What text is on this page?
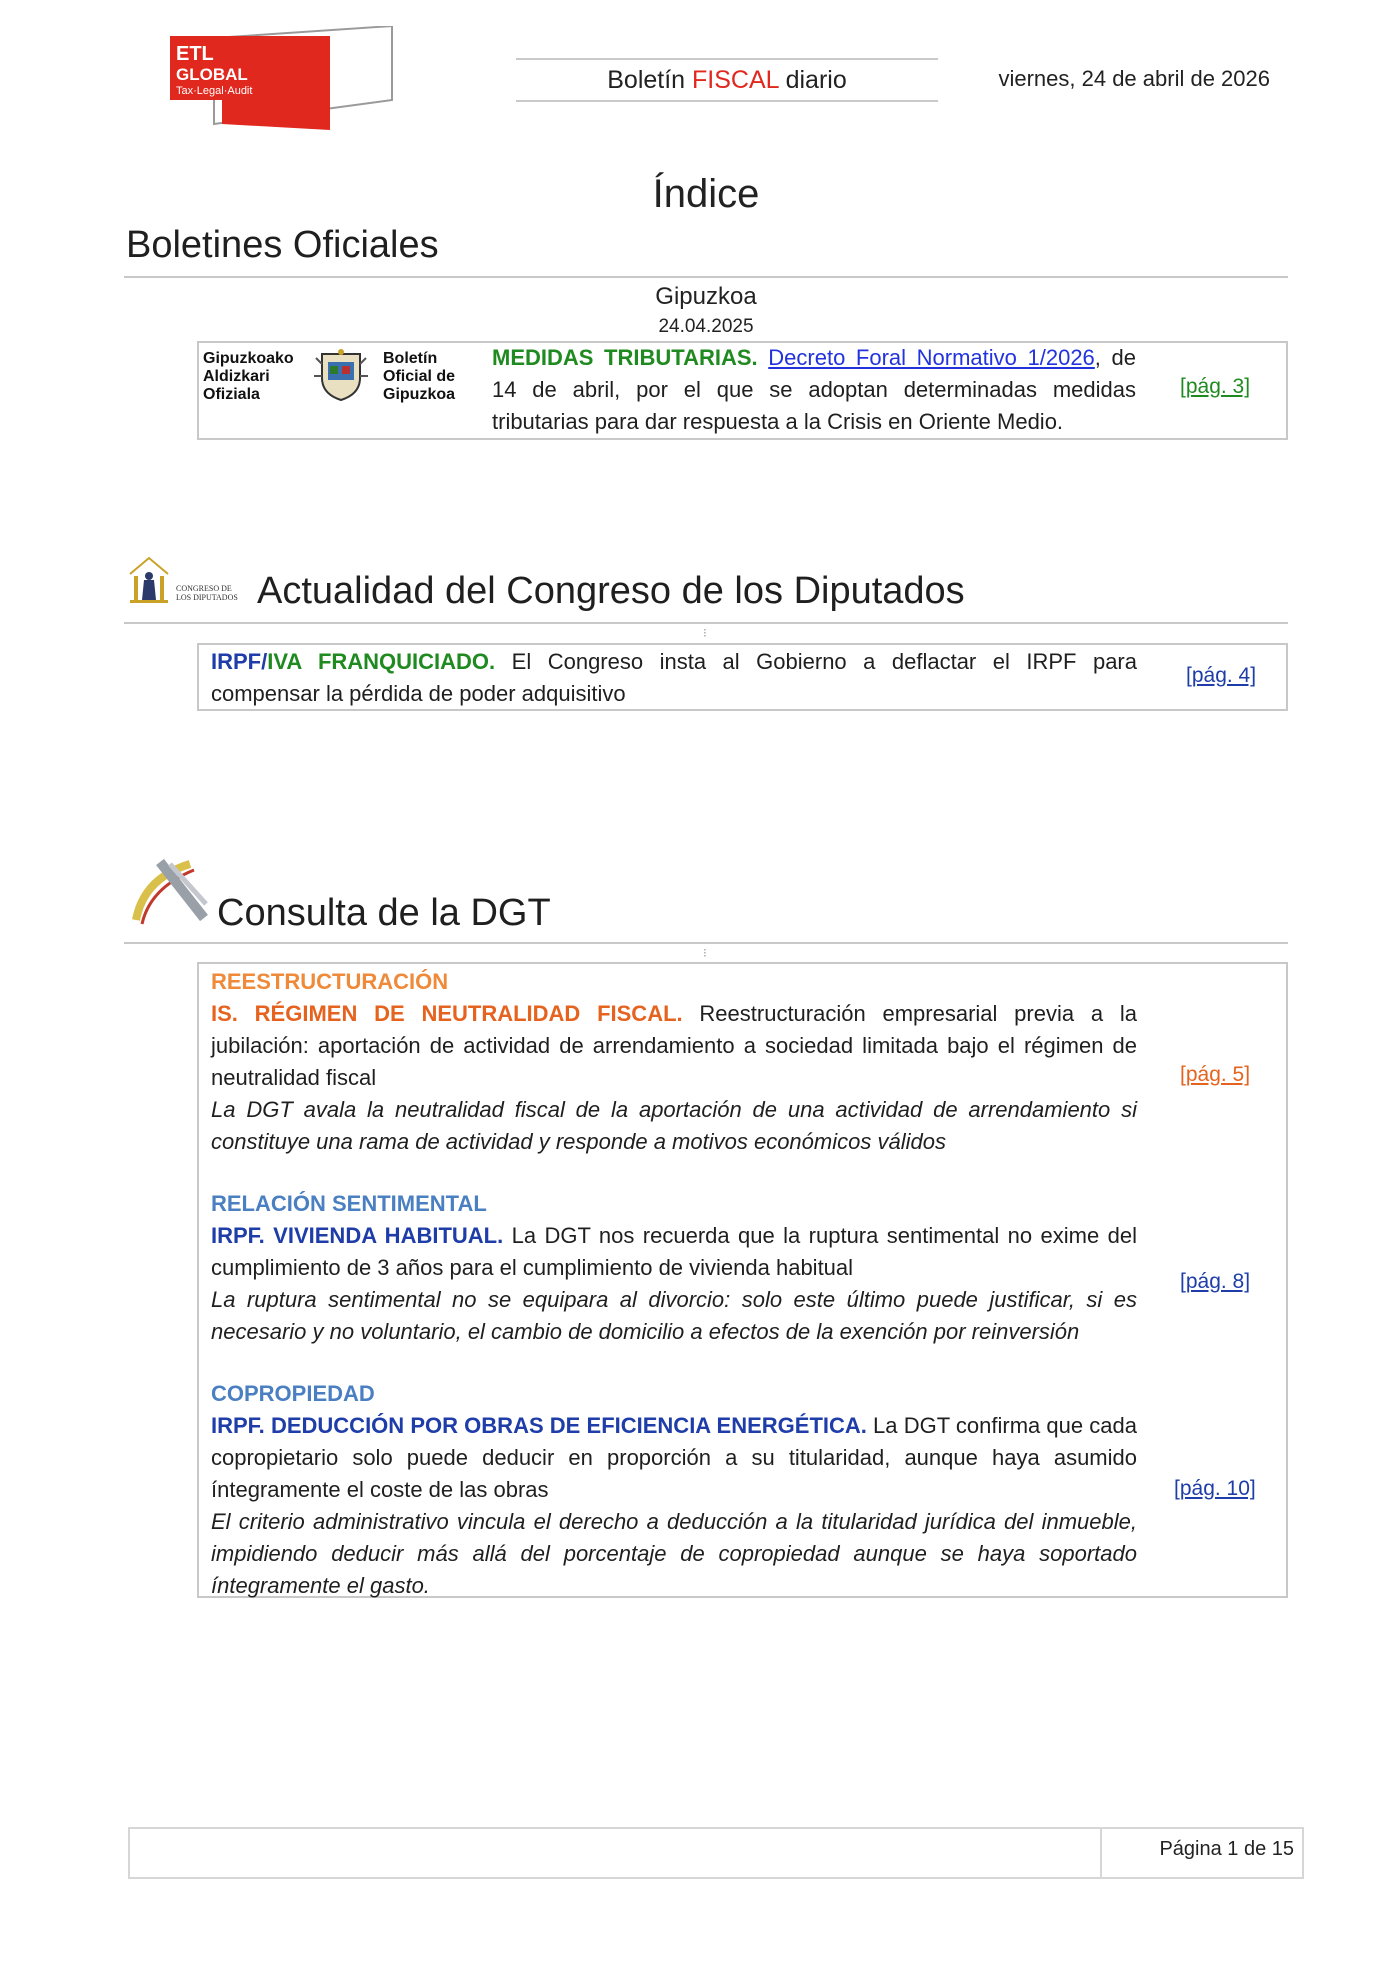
ETL
GLOBAL
Tax·Legal·Audit	Boletín FISCAL diario	viernes, 24 de abril de 2026
Índice
Boletines Oficiales
Gipuzkoa
24.04.2025
Gipuzkoako
Aldizkari
Ofiziala
Boletín
Oficial de
Gipuzkoa
MEDIDAS TRIBUTARIAS. Decreto Foral Normativo 1/2026, de 14 de abril, por el que se adoptan determinadas medidas tributarias para dar respuesta a la Crisis en Oriente Medio.
[pág. 3]
CONGRESO DE
LOS DIPUTADOS Actualidad del Congreso de los Diputados
⁝
IRPF/IVA FRANQUICIADO. El Congreso insta al Gobierno a deflactar el IRPF para compensar la pérdida de poder adquisitivo
[pág. 4]
Consulta de la DGT
⁝
REESTRUCTURACIÓN
IS. RÉGIMEN DE NEUTRALIDAD FISCAL. Reestructuración empresarial previa a la jubilación: aportación de actividad de arrendamiento a sociedad limitada bajo el régimen de neutralidad fiscal
La DGT avala la neutralidad fiscal de la aportación de una actividad de arrendamiento si constituye una rama de actividad y responde a motivos económicos válidos
[pág. 5]
RELACIÓN SENTIMENTAL
IRPF. VIVIENDA HABITUAL. La DGT nos recuerda que la ruptura sentimental no exime del cumplimiento de 3 años para el cumplimiento de vivienda habitual
La ruptura sentimental no se equipara al divorcio: solo este último puede justificar, si es necesario y no voluntario, el cambio de domicilio a efectos de la exención por reinversión
[pág. 8]
COPROPIEDAD
IRPF. DEDUCCIÓN POR OBRAS DE EFICIENCIA ENERGÉTICA. La DGT confirma que cada copropietario solo puede deducir en proporción a su titularidad, aunque haya asumido íntegramente el coste de las obras
El criterio administrativo vincula el derecho a deducción a la titularidad jurídica del inmueble, impidiendo deducir más allá del porcentaje de copropiedad aunque se haya soportado íntegramente el gasto.
[pág. 10]
Página 1 de 15
